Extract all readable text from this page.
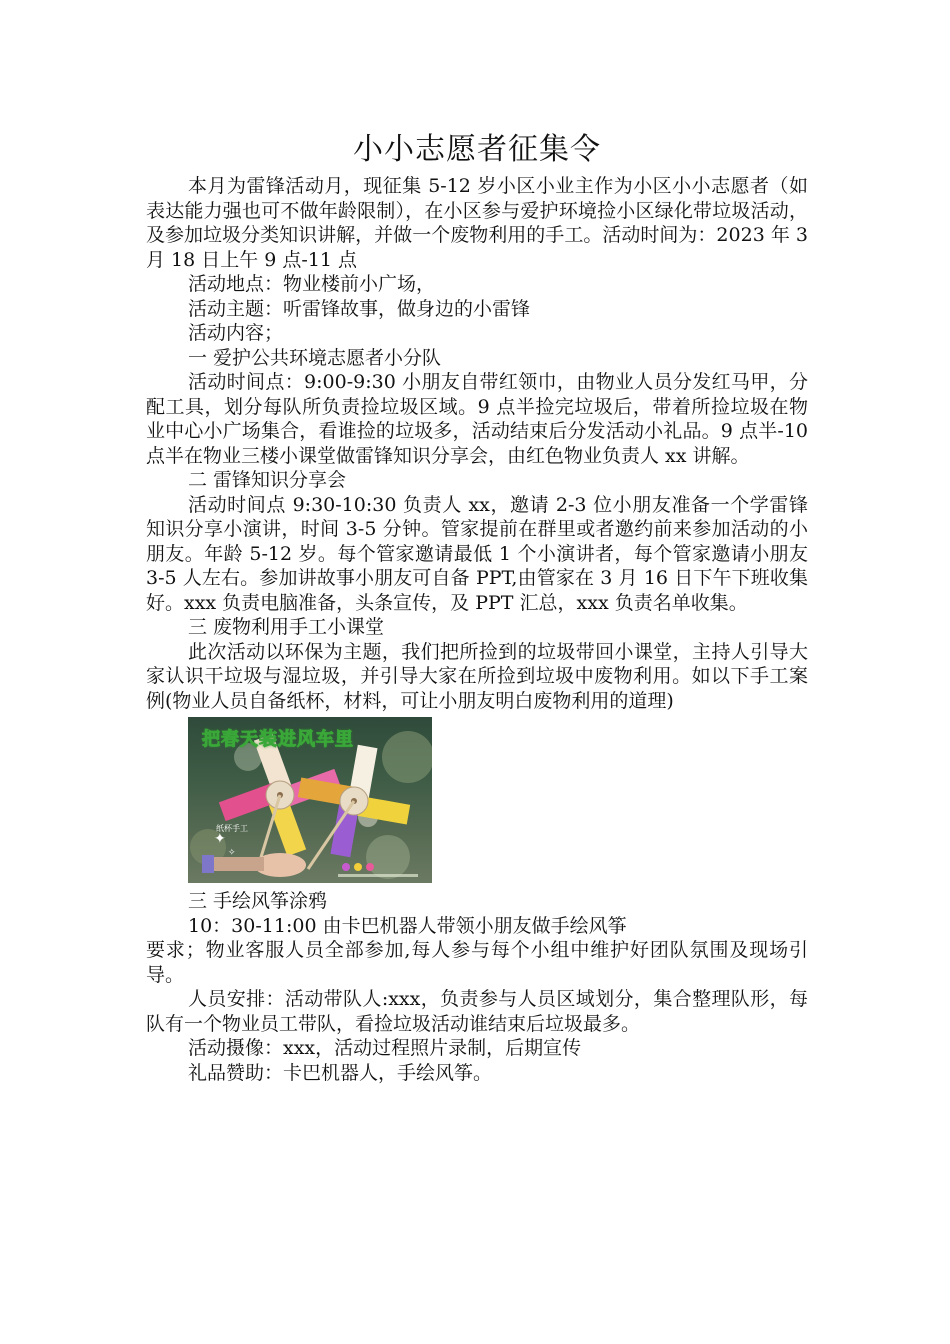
小小志愿者征集令

本月为雷锋活动月，现征集 5-12 岁小区小业主作为小区小小志愿者（如表达能力强也可不做年龄限制），在小区参与爱护环境捡小区绿化带垃圾活动，及参加垃圾分类知识讲解，并做一个废物利用的手工。活动时间为：2023 年 3 月 18 日上午 9 点-11 点

活动地点：物业楼前小广场，

活动主题：听雷锋故事，做身边的小雷锋

活动内容；

一 爱护公共环境志愿者小分队

活动时间点：9:00-9:30 小朋友自带红领巾，由物业人员分发红马甲，分配工具，划分每队所负责捡垃圾区域。9 点半捡完垃圾后，带着所捡垃圾在物业中心小广场集合，看谁捡的垃圾多，活动结束后分发活动小礼品。9 点半-10 点半在物业三楼小课堂做雷锋知识分享会，由红色物业负责人 xx 讲解。

二 雷锋知识分享会

活动时间点 9:30-10:30 负责人 xx，邀请 2-3 位小朋友准备一个学雷锋知识分享小演讲，时间 3-5 分钟。管家提前在群里或者邀约前来参加活动的小朋友。年龄 5-12 岁。每个管家邀请最低 1 个小演讲者，每个管家邀请小朋友 3-5 人左右。参加讲故事小朋友可自备 PPT,由管家在 3 月 16 日下午下班收集好。xxx 负责电脑准备，头条宣传，及 PPT 汇总，xxx 负责名单收集。

三 废物利用手工小课堂

此次活动以环保为主题，我们把所捡到的垃圾带回小课堂，主持人引导大家认识干垃圾与湿垃圾，并引导大家在所捡到垃圾中废物利用。如以下手工案例(物业人员自备纸杯，材料，可让小朋友明白废物利用的道理)

✦
✧
把春天装进风车里
纸杯手工

三 手绘风筝涂鸦

10：30-11:00 由卡巴机器人带领小朋友做手绘风筝

要求；物业客服人员全部参加,每人参与每个小组中维护好团队氛围及现场引导。

人员安排：活动带队人:xxx，负责参与人员区域划分，集合整理队形，每队有一个物业员工带队，看捡垃圾活动谁结束后垃圾最多。

活动摄像：xxx，活动过程照片录制，后期宣传

礼品赞助：卡巴机器人，手绘风筝。
